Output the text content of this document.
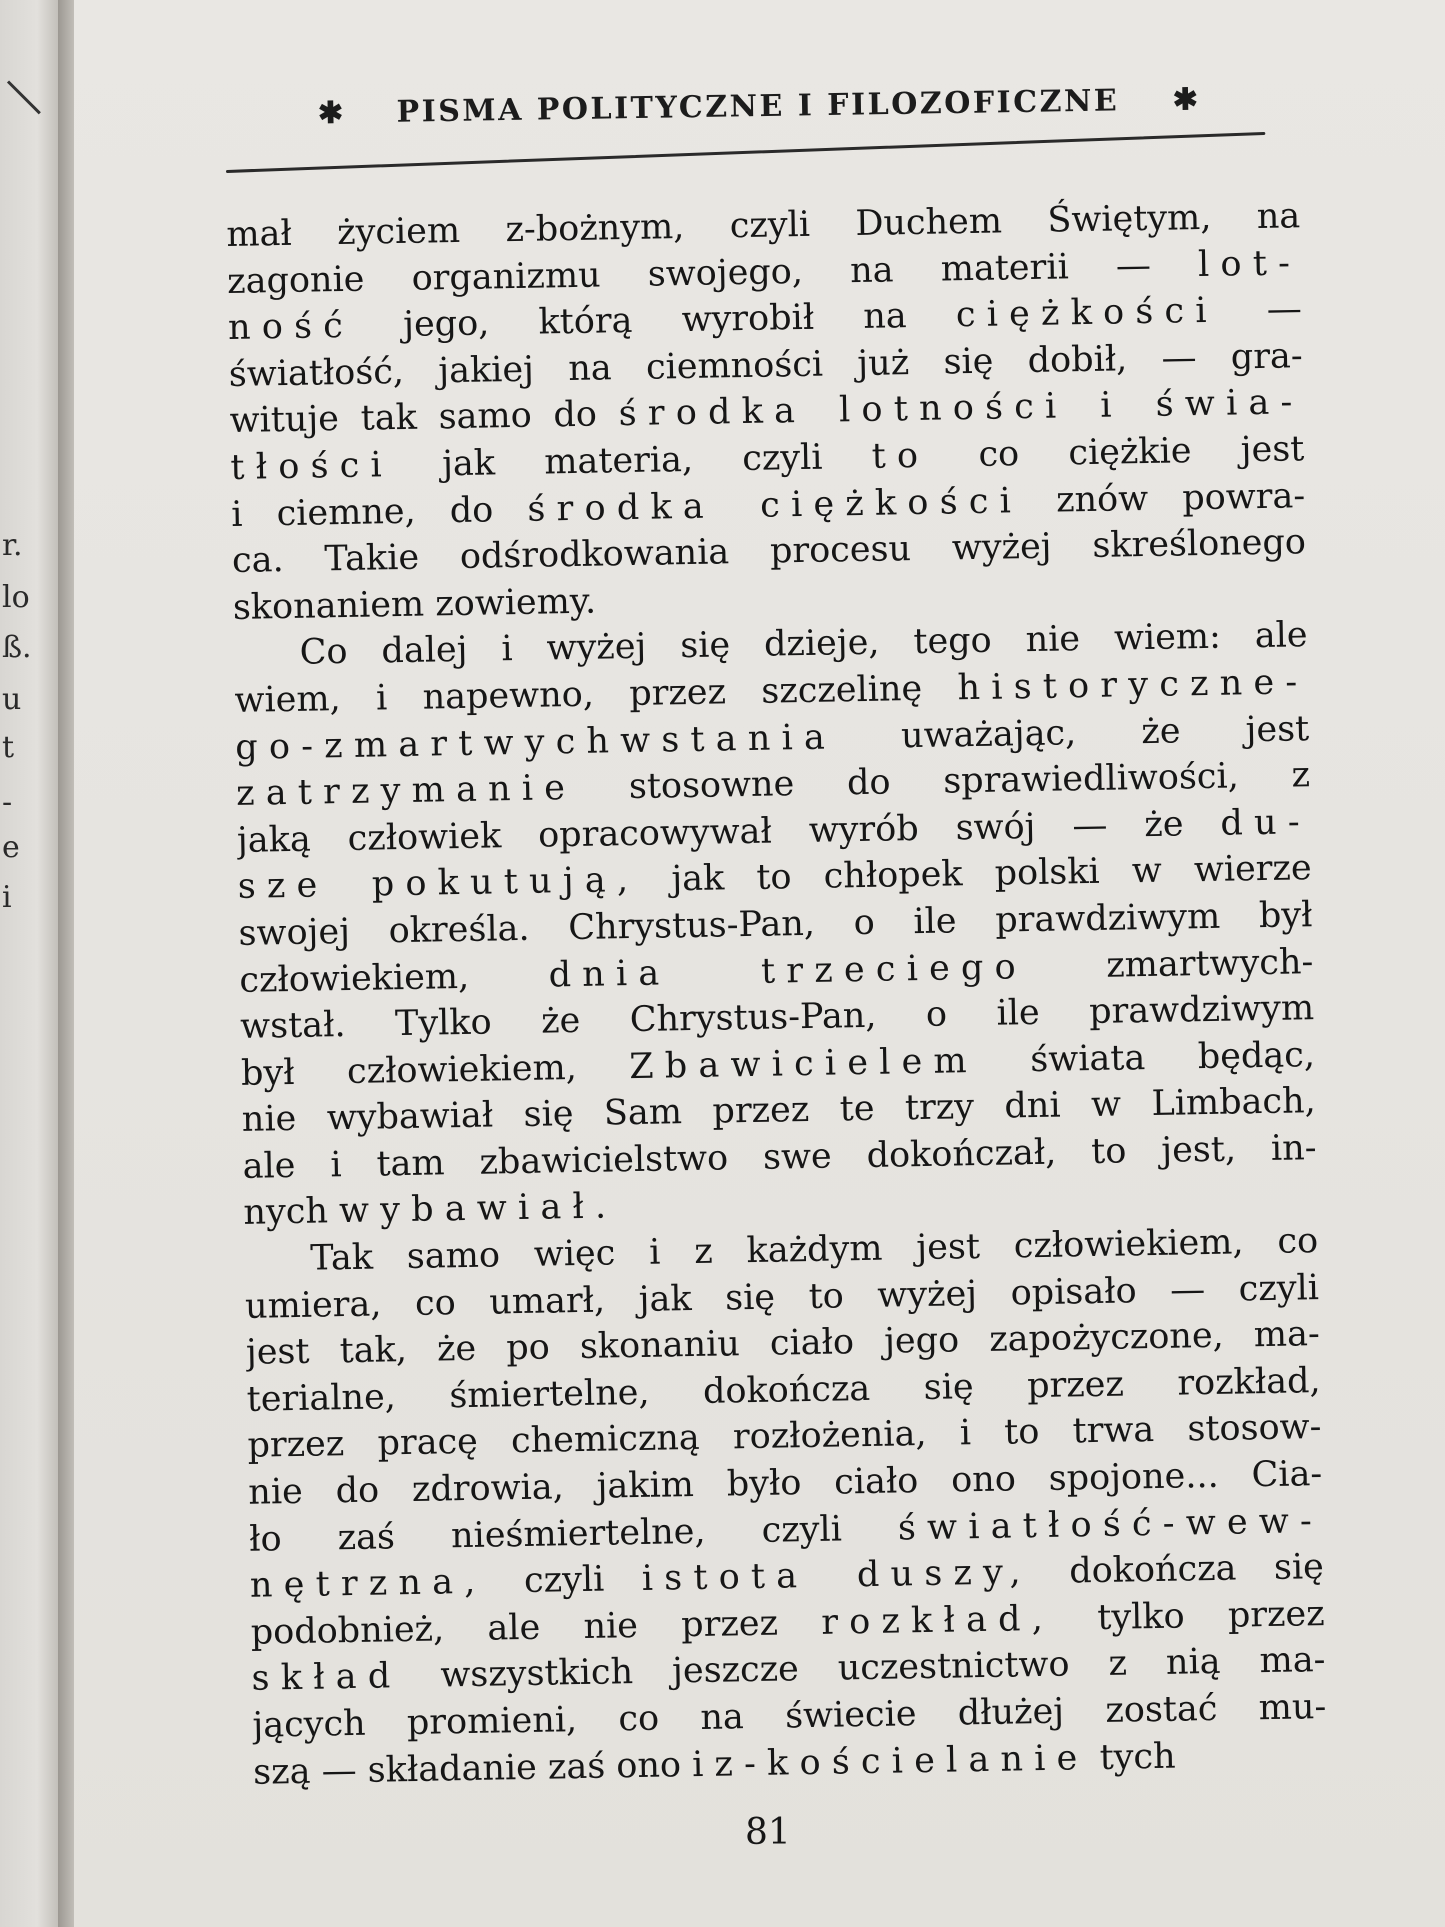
r.
lo
ß.
u
t
-
e
i
✱ PISMA POLITYCZNE I FILOZOFICZNE ✱
mał życiem z-bożnym, czyli Duchem Świętym, na
zagonie organizmu swojego, na materii — lot-
ność jego, którą wyrobił na ciężkości —
światłość, jakiej na ciemności już się dobił, — gra-
wituje tak samo do środka lotności i świa-
tłości jak materia, czyli to co ciężkie jest
i ciemne, do środka ciężkości znów powra-
ca. Takie odśrodkowania procesu wyżej skreślonego
skonaniem zowiemy.
Co dalej i wyżej się dzieje, tego nie wiem: ale
wiem, i napewno, przez szczelinę historyczne-
go-zmartwychwstania uważając, że jest
zatrzymanie stosowne do sprawiedliwości, z
jaką człowiek opracowywał wyrób swój — że du-
sze pokutują, jak to chłopek polski w wierze
swojej określa. Chrystus-Pan, o ile prawdziwym był
człowiekiem, dnia trzeciego zmartwych-
wstał. Tylko że Chrystus-Pan, o ile prawdziwym
był człowiekiem, Zbawicielem świata będąc,
nie wybawiał się Sam przez te trzy dni w Limbach,
ale i tam zbawicielstwo swe dokończał, to jest, in-
nych wybawiał.
Tak samo więc i z każdym jest człowiekiem, co
umiera, co umarł, jak się to wyżej opisało — czyli
jest tak, że po skonaniu ciało jego zapożyczone, ma-
terialne, śmiertelne, dokończa się przez rozkład,
przez pracę chemiczną rozłożenia, i to trwa stosow-
nie do zdrowia, jakim było ciało ono spojone... Cia-
ło zaś nieśmiertelne, czyli światłość-wew-
nętrzna, czyli istota duszy, dokończa się
podobnież, ale nie przez rozkład, tylko przez
skład wszystkich jeszcze uczestnictwo z nią ma-
jących promieni, co na świecie dłużej zostać mu-
szą — składanie zaś ono i z-kościelanie tych
81
